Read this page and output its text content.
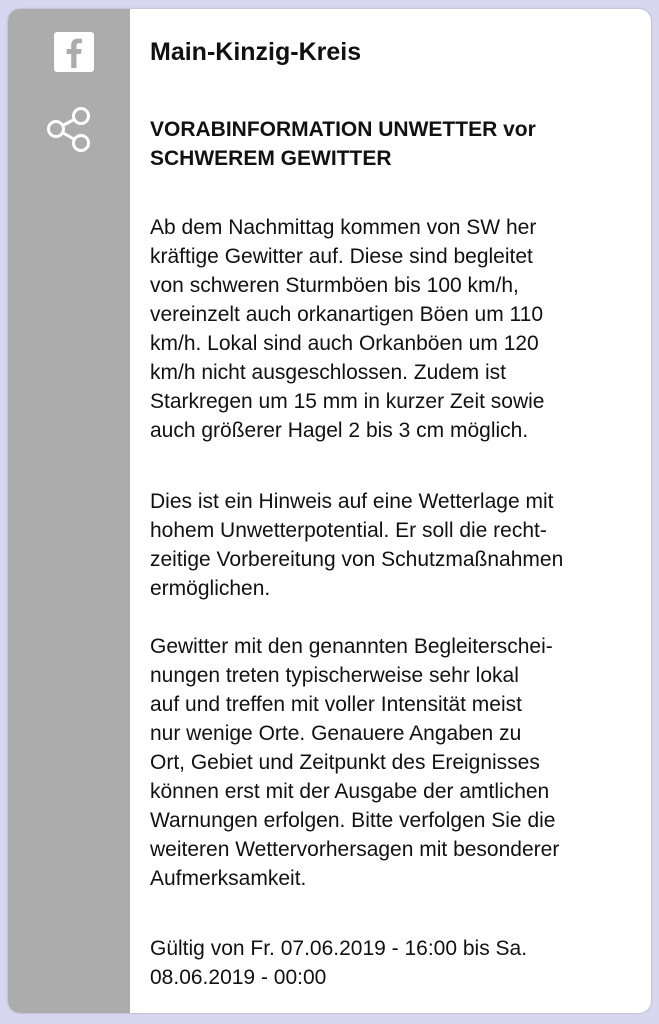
Main-Kinzig-Kreis
VORABINFORMATION UNWETTER vor
SCHWEREM GEWITTER

Ab dem Nachmittag kommen von SW her
kräftige Gewitter auf. Diese sind begleitet
von schweren Sturmböen bis 100 km/h,
vereinzelt auch orkanartigen Böen um 110
km/h. Lokal sind auch Orkanböen um 120
km/h nicht ausgeschlossen. Zudem ist
Starkregen um 15 mm in kurzer Zeit sowie
auch größerer Hagel 2 bis 3 cm möglich.

Dies ist ein Hinweis auf eine Wetterlage mit
hohem Unwetterpotential. Er soll die recht-
zeitige Vorbereitung von Schutzmaßnahmen
ermöglichen.

Gewitter mit den genannten Begleiterschei-
nungen treten typischerweise sehr lokal
auf und treffen mit voller Intensität meist
nur wenige Orte. Genauere Angaben zu
Ort, Gebiet und Zeitpunkt des Ereignisses
können erst mit der Ausgabe der amtlichen
Warnungen erfolgen. Bitte verfolgen Sie die
weiteren Wettervorhersagen mit besonderer
Aufmerksamkeit.

Gültig von Fr. 07.06.2019 - 16:00 bis Sa.
08.06.2019 - 00:00
